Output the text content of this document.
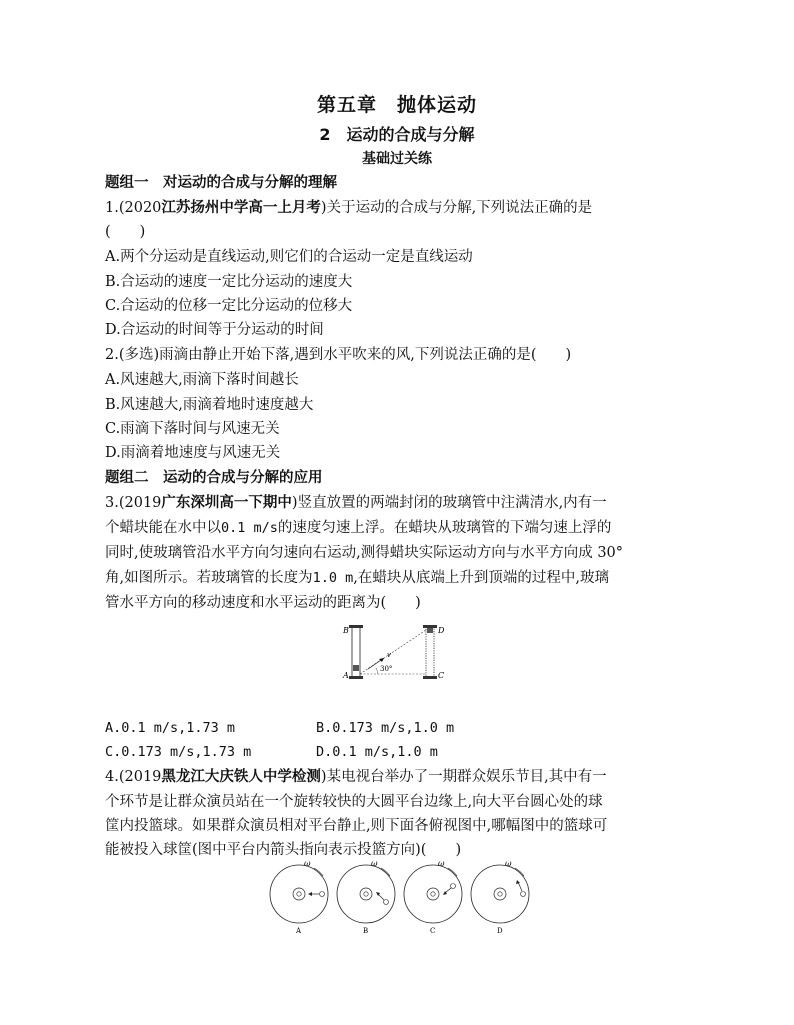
第五章　抛体运动
2　运动的合成与分解
基础过关练
题组一　对运动的合成与分解的理解
1.(2020江苏扬州中学高一上月考)关于运动的合成与分解,下列说法正确的是
(　　)
A.两个分运动是直线运动,则它们的合运动一定是直线运动
B.合运动的速度一定比分运动的速度大
C.合运动的位移一定比分运动的位移大
D.合运动的时间等于分运动的时间
2.(多选)雨滴由静止开始下落,遇到水平吹来的风,下列说法正确的是(　　)
A.风速越大,雨滴下落时间越长
B.风速越大,雨滴着地时速度越大
C.雨滴下落时间与风速无关
D.雨滴着地速度与风速无关
题组二　运动的合成与分解的应用
3.(2019广东深圳高一下期中)竖直放置的两端封闭的玻璃管中注满清水,内有一
个蜡块能在水中以0.1 m/s的速度匀速上浮。在蜡块从玻璃管的下端匀速上浮的
同时,使玻璃管沿水平方向匀速向右运动,测得蜡块实际运动方向与水平方向成 30°
角,如图所示。若玻璃管的长度为1.0 m,在蜡块从底端上升到顶端的过程中,玻璃
管水平方向的移动速度和水平运动的距离为(　　)
B
A
v
30°
D
C
A.0.1 m/s,1.73 m	B.0.173 m/s,1.0 m
C.0.173 m/s,1.73 m	D.0.1 m/s,1.0 m
4.(2019黑龙江大庆铁人中学检测)某电视台举办了一期群众娱乐节目,其中有一
个环节是让群众演员站在一个旋转较快的大圆平台边缘上,向大平台圆心处的球
筐内投篮球。如果群众演员相对平台静止,则下面各俯视图中,哪幅图中的篮球可
能被投入球筐(图中平台内箭头指向表示投篮方向)(　　)
ω
A
ω
B
ω
C
ω
D
